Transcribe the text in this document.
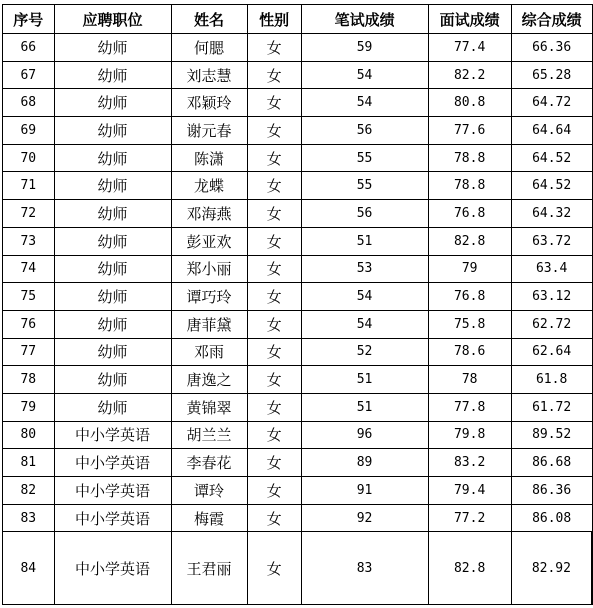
序号	应聘职位	姓名	性别	笔试成绩	面试成绩	综合成绩
66	幼师	何腮	女	59	77.4	66.36
67	幼师	刘志慧	女	54	82.2	65.28
68	幼师	邓颖玲	女	54	80.8	64.72
69	幼师	谢元春	女	56	77.6	64.64
70	幼师	陈潇	女	55	78.8	64.52
71	幼师	龙蝶	女	55	78.8	64.52
72	幼师	邓海燕	女	56	76.8	64.32
73	幼师	彭亚欢	女	51	82.8	63.72
74	幼师	郑小丽	女	53	79	63.4
75	幼师	谭巧玲	女	54	76.8	63.12
76	幼师	唐菲黛	女	54	75.8	62.72
77	幼师	邓雨	女	52	78.6	62.64
78	幼师	唐逸之	女	51	78	61.8
79	幼师	黄锦翠	女	51	77.8	61.72
80	中小学英语	胡兰兰	女	96	79.8	89.52
81	中小学英语	李春花	女	89	83.2	86.68
82	中小学英语	谭玲	女	91	79.4	86.36
83	中小学英语	梅霞	女	92	77.2	86.08
84	中小学英语	王君丽	女	83	82.8	82.92
